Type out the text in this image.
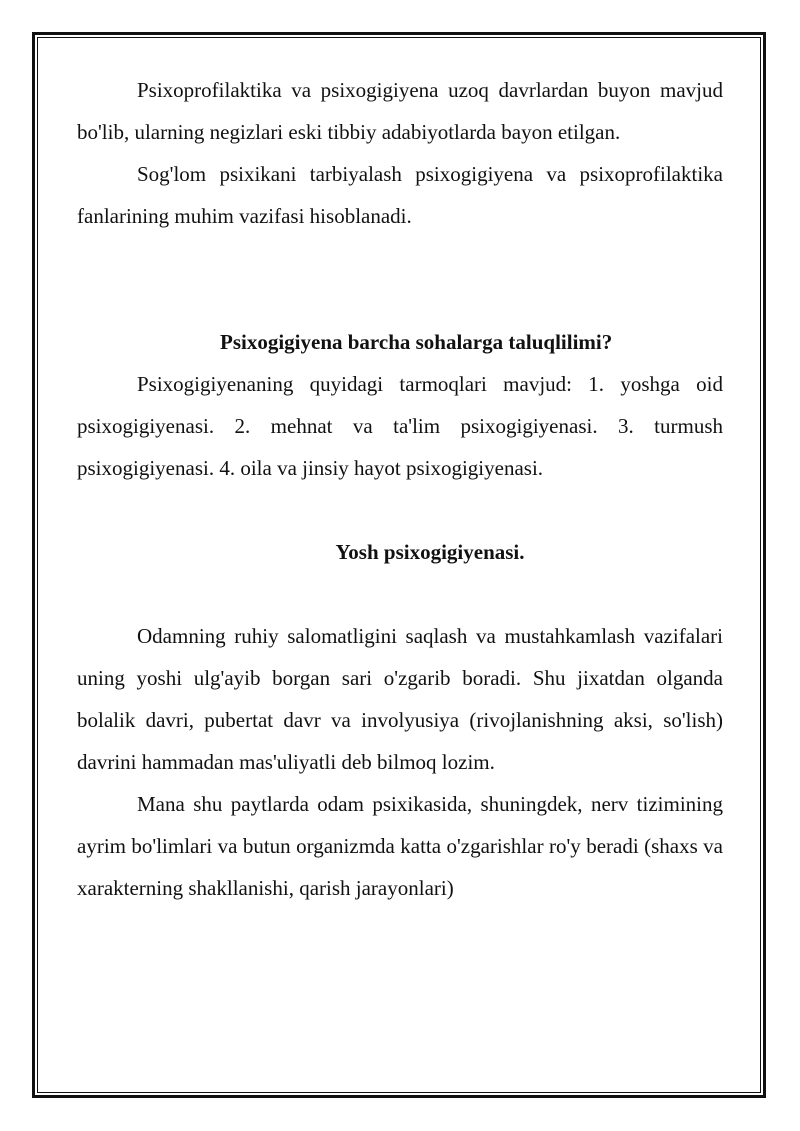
Psixoprofilaktika va psixogigiyena uzoq davrlardan buyon mavjud bo'lib, ularning negizlari eski tibbiy adabiyotlarda bayon etilgan.

Sog'lom psixikani tarbiyalash psixogigiyena va psixoprofilaktika fanlarining muhim vazifasi hisoblanadi.

Psixogigiyena barcha sohalarga taluqlilimi?

Psixogigiyenaning quyidagi tarmoqlari mavjud: 1. yoshga oid psixogigiyenasi. 2. mehnat va ta'lim psixogigiyenasi. 3. turmush psixogigiyenasi. 4. oila va jinsiy hayot psixogigiyenasi.

Yosh psixogigiyenasi.

Odamning ruhiy salomatligini saqlash va mustahkamlash vazifalari uning yoshi ulg'ayib borgan sari o'zgarib boradi. Shu jixatdan olganda bolalik davri, pubertat davr va involyusiya (rivojlanishning aksi, so'lish) davrini hammadan mas'uliyatli deb bilmoq lozim.

Mana shu paytlarda odam psixikasida, shuningdek, nerv tizimining ayrim bo'limlari va butun organizmda katta o'zgarishlar ro'y beradi (shaxs va xarakterning shakllanishi, qarish jarayonlari)
